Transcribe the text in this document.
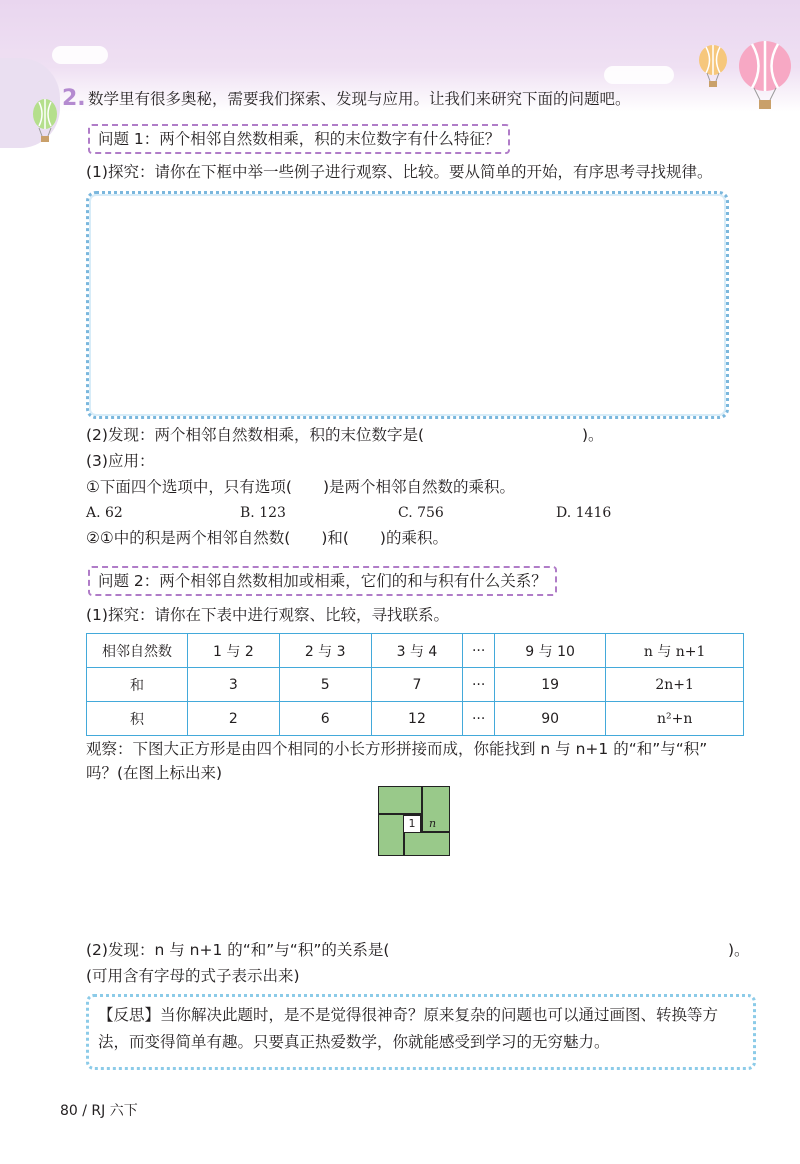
2. 数学里有很多奥秘，需要我们探索、发现与应用。让我们来研究下面的问题吧。
问题 1：两个相邻自然数相乘，积的末位数字有什么特征？
(1)探究：请你在下框中举一些例子进行观察、比较。要从简单的开始，有序思考寻找规律。
(2)发现：两个相邻自然数相乘，积的末位数字是(	)。
(3)应用：
①下面四个选项中，只有选项(　　)是两个相邻自然数的乘积。
A. 62	B. 123	C. 756	D. 1416
②①中的积是两个相邻自然数(　　)和(　　)的乘积。
问题 2：两个相邻自然数相加或相乘，它们的和与积有什么关系？
(1)探究：请你在下表中进行观察、比较，寻找联系。
相邻自然数	1 与 2	2 与 3	3 与 4	···	9 与 10	n 与 n+1
和	3	5	7	···	19	2n+1
积	2	6	12	···	90	n²+n
观察：下图大正方形是由四个相同的小长方形拼接而成，你能找到 n 与 n+1 的“和”与“积”
吗？(在图上标出来)
1	n
(2)发现：n 与 n+1 的“和”与“积”的关系是(	)。
(可用含有字母的式子表示出来)
【反思】当你解决此题时，是不是觉得很神奇？原来复杂的问题也可以通过画图、转换等方
法，而变得简单有趣。只要真正热爱数学，你就能感受到学习的无穷魅力。
80 / RJ 六下
